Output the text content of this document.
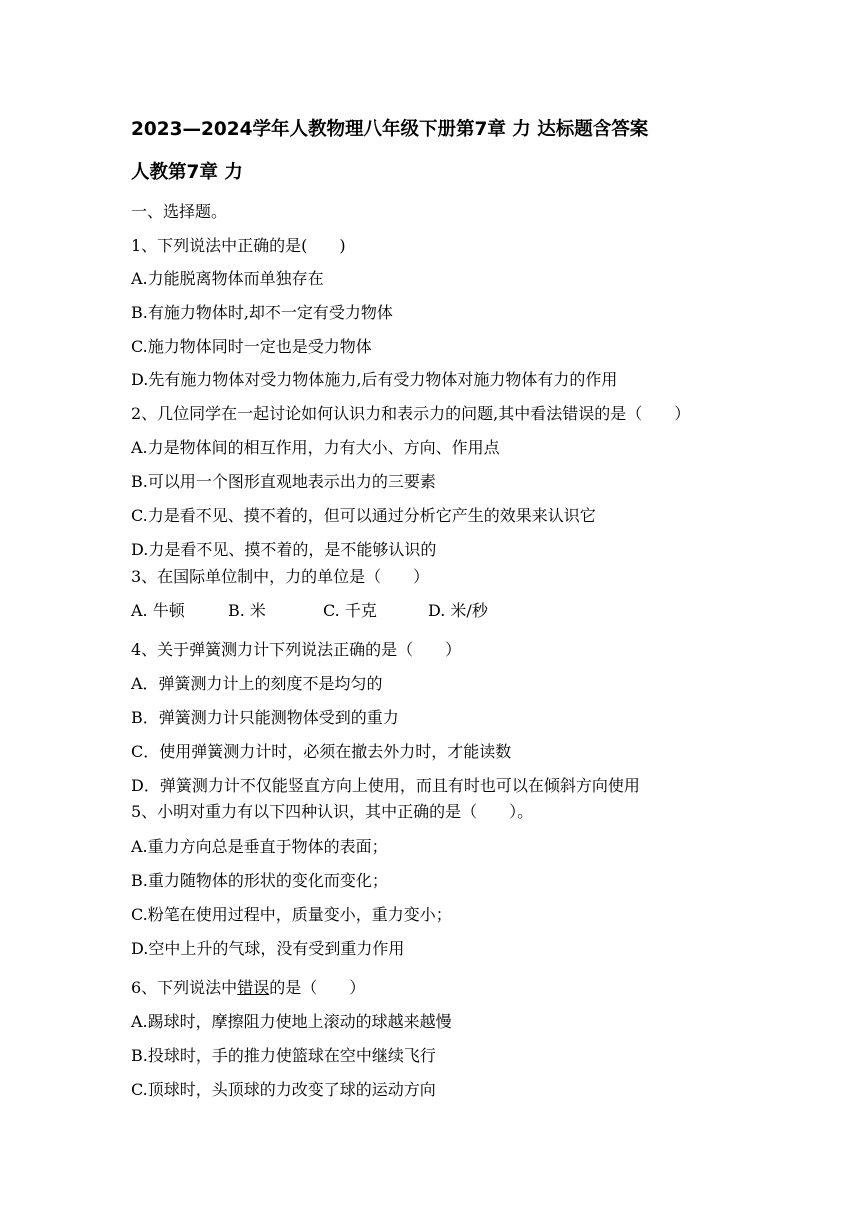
2023—2024学年人教物理八年级下册第7章 力 达标题含答案
人教第7章 力
一、选择题。
1、下列说法中正确的是(　　)
A.力能脱离物体而单独存在
B.有施力物体时,却不一定有受力物体
C.施力物体同时一定也是受力物体
D.先有施力物体对受力物体施力,后有受力物体对施力物体有力的作用
2、几位同学在一起讨论如何认识力和表示力的问题,其中看法错误的是（　　）
A.力是物体间的相互作用，力有大小、方向、作用点
B.可以用一个图形直观地表示出力的三要素
C.力是看不见、摸不着的，但可以通过分析它产生的效果来认识它
D.力是看不见、摸不着的，是不能够认识的
3、在国际单位制中，力的单位是（　　）
A. 牛顿	B. 米	C. 千克	D. 米/秒
4、关于弹簧测力计下列说法正确的是（　　）
A．弹簧测力计上的刻度不是均匀的
B．弹簧测力计只能测物体受到的重力
C．使用弹簧测力计时，必须在撤去外力时，才能读数
D．弹簧测力计不仅能竖直方向上使用，而且有时也可以在倾斜方向使用
5、小明对重力有以下四种认识，其中正确的是（　　）。
A.重力方向总是垂直于物体的表面；
B.重力随物体的形状的变化而变化；
C.粉笔在使用过程中，质量变小，重力变小；
D.空中上升的气球，没有受到重力作用
6、下列说法中错误的是（　　）
A.踢球时，摩擦阻力使地上滚动的球越来越慢
B.投球时，手的推力使篮球在空中继续飞行
C.顶球时，头顶球的力改变了球的运动方向
